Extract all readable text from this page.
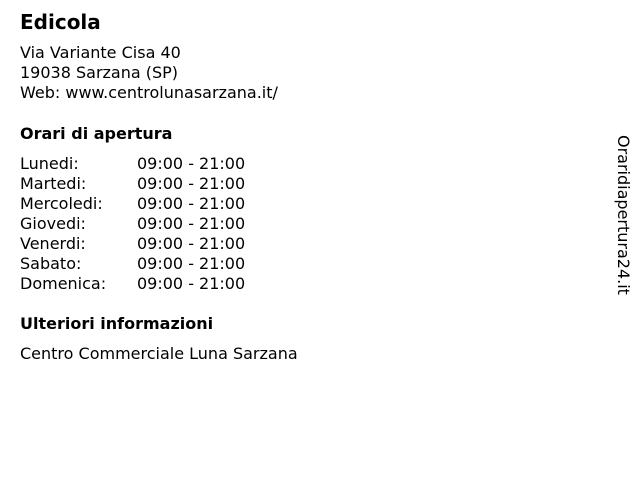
Edicola
Via Variante Cisa 40
19038 Sarzana (SP)
Web: www.centrolunasarzana.it/
Orari di apertura
Lunedi:	09:00 - 21:00
Martedi:	09:00 - 21:00
Mercoledi:	09:00 - 21:00
Giovedi:	09:00 - 21:00
Venerdi:	09:00 - 21:00
Sabato:	09:00 - 21:00
Domenica:	09:00 - 21:00
Ulteriori informazioni
Centro Commerciale Luna Sarzana
Oraridiapertura24.it
